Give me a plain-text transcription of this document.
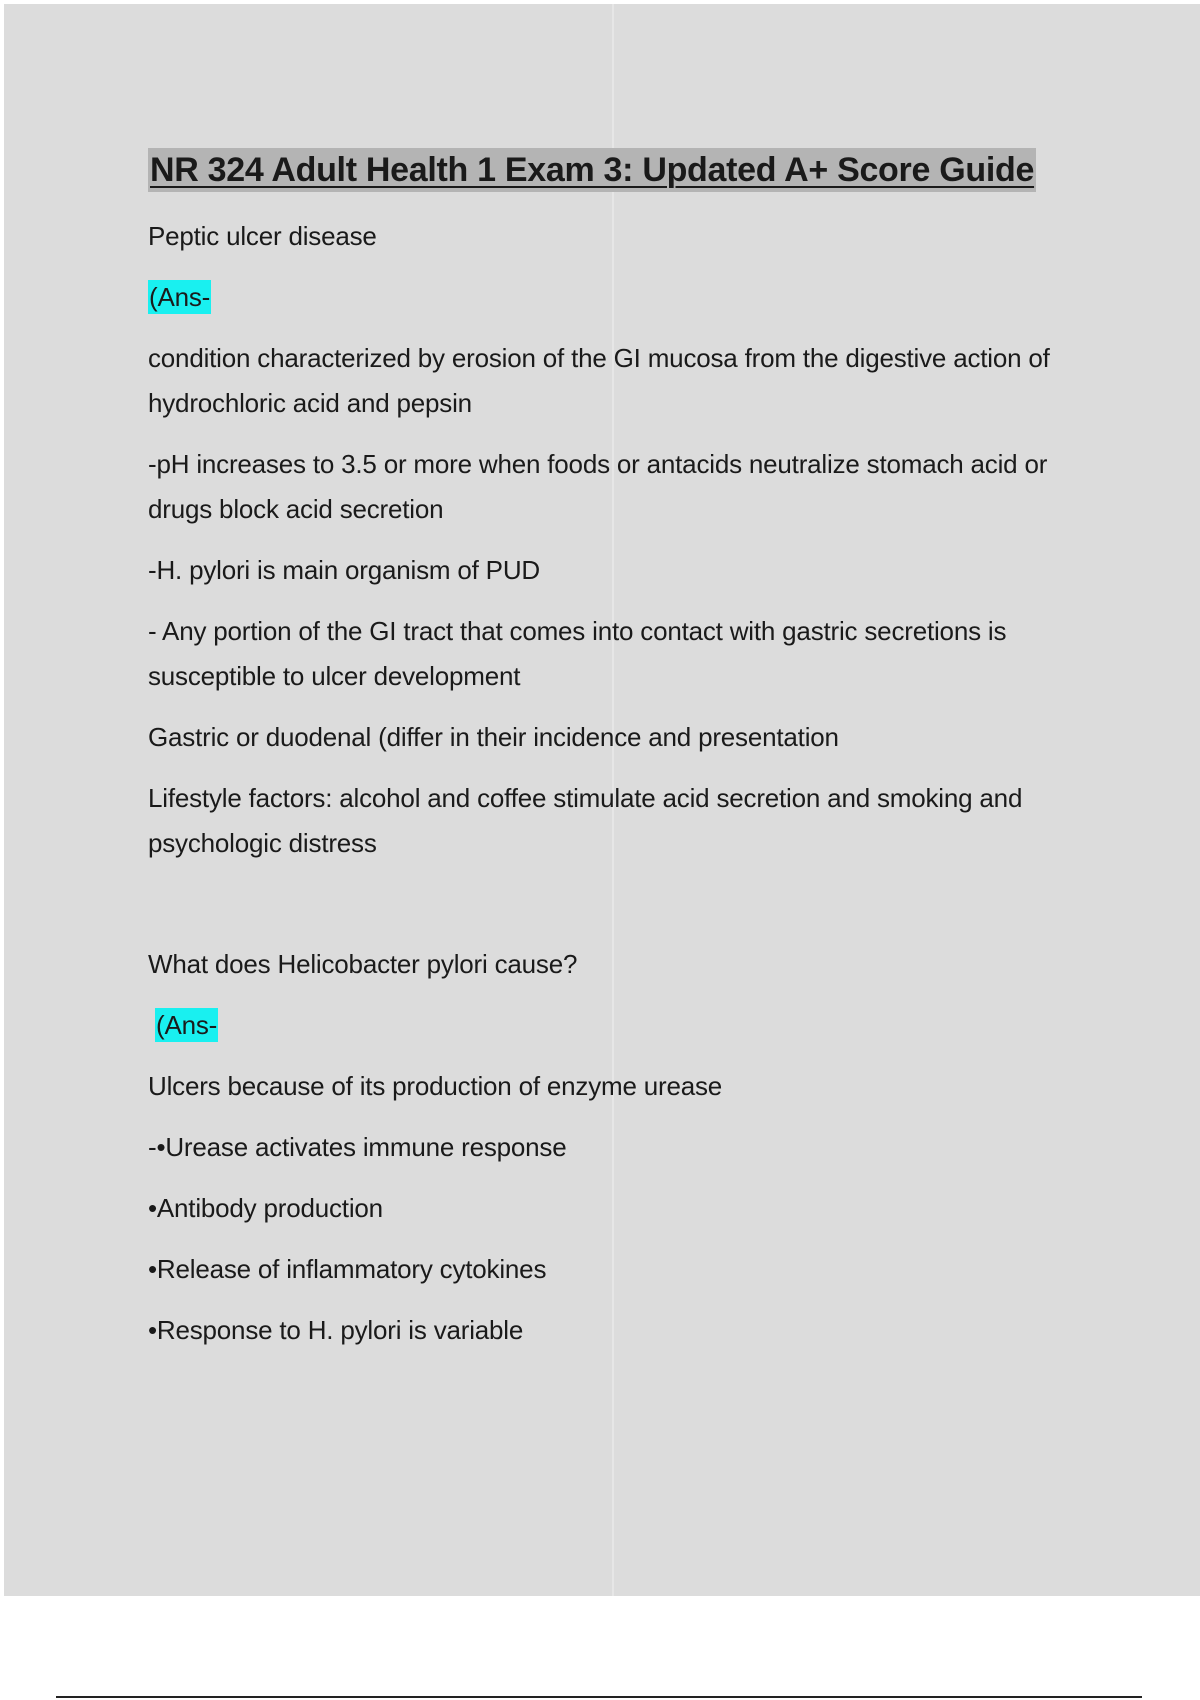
NR 324 Adult Health 1 Exam 3: Updated A+ Score Guide

Peptic ulcer disease

(Ans-

condition characterized by erosion of the GI mucosa from the digestive action of hydrochloric acid and pepsin

-pH increases to 3.5 or more when foods or antacids neutralize stomach acid or drugs block acid secretion

-H. pylori is main organism of PUD

- Any portion of the GI tract that comes into contact with gastric secretions is susceptible to ulcer development

Gastric or duodenal (differ in their incidence and presentation

Lifestyle factors: alcohol and coffee stimulate acid secretion and smoking and psychologic distress

What does Helicobacter pylori cause?

(Ans-

Ulcers because of its production of enzyme urease

-•Urease activates immune response

•Antibody production

•Release of inflammatory cytokines

•Response to H. pylori is variable
